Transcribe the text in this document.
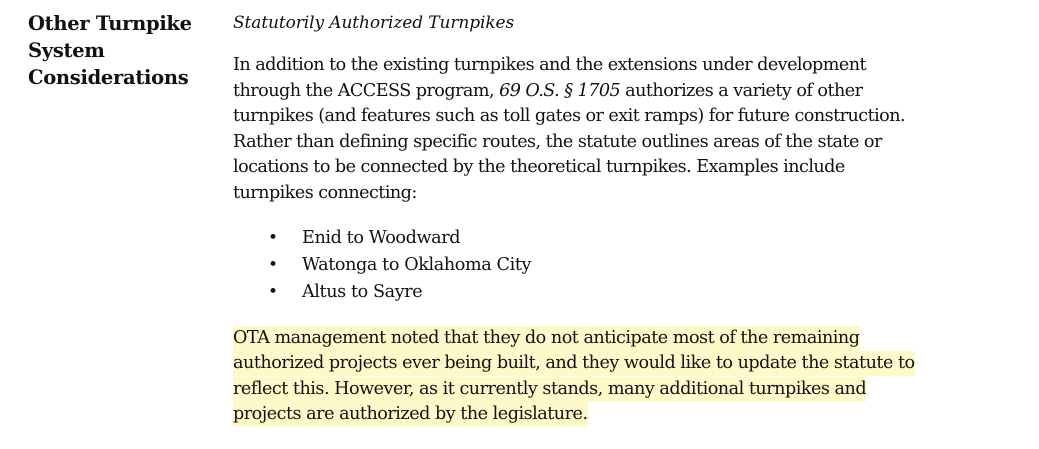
Other Turnpike
System
Considerations
Statutorily Authorized Turnpikes

In addition to the existing turnpikes and the extensions under development through the ACCESS program, 69 O.S. § 1705 authorizes a variety of other turnpikes (and features such as toll gates or exit ramps) for future construction. Rather than defining specific routes, the statute outlines areas of the state or locations to be connected by the theoretical turnpikes. Examples include turnpikes connecting:

• Enid to Woodward
• Watonga to Oklahoma City
• Altus to Sayre

OTA management noted that they do not anticipate most of the remaining authorized projects ever being built, and they would like to update the statute to reflect this. However, as it currently stands, many additional turnpikes and projects are authorized by the legislature.
